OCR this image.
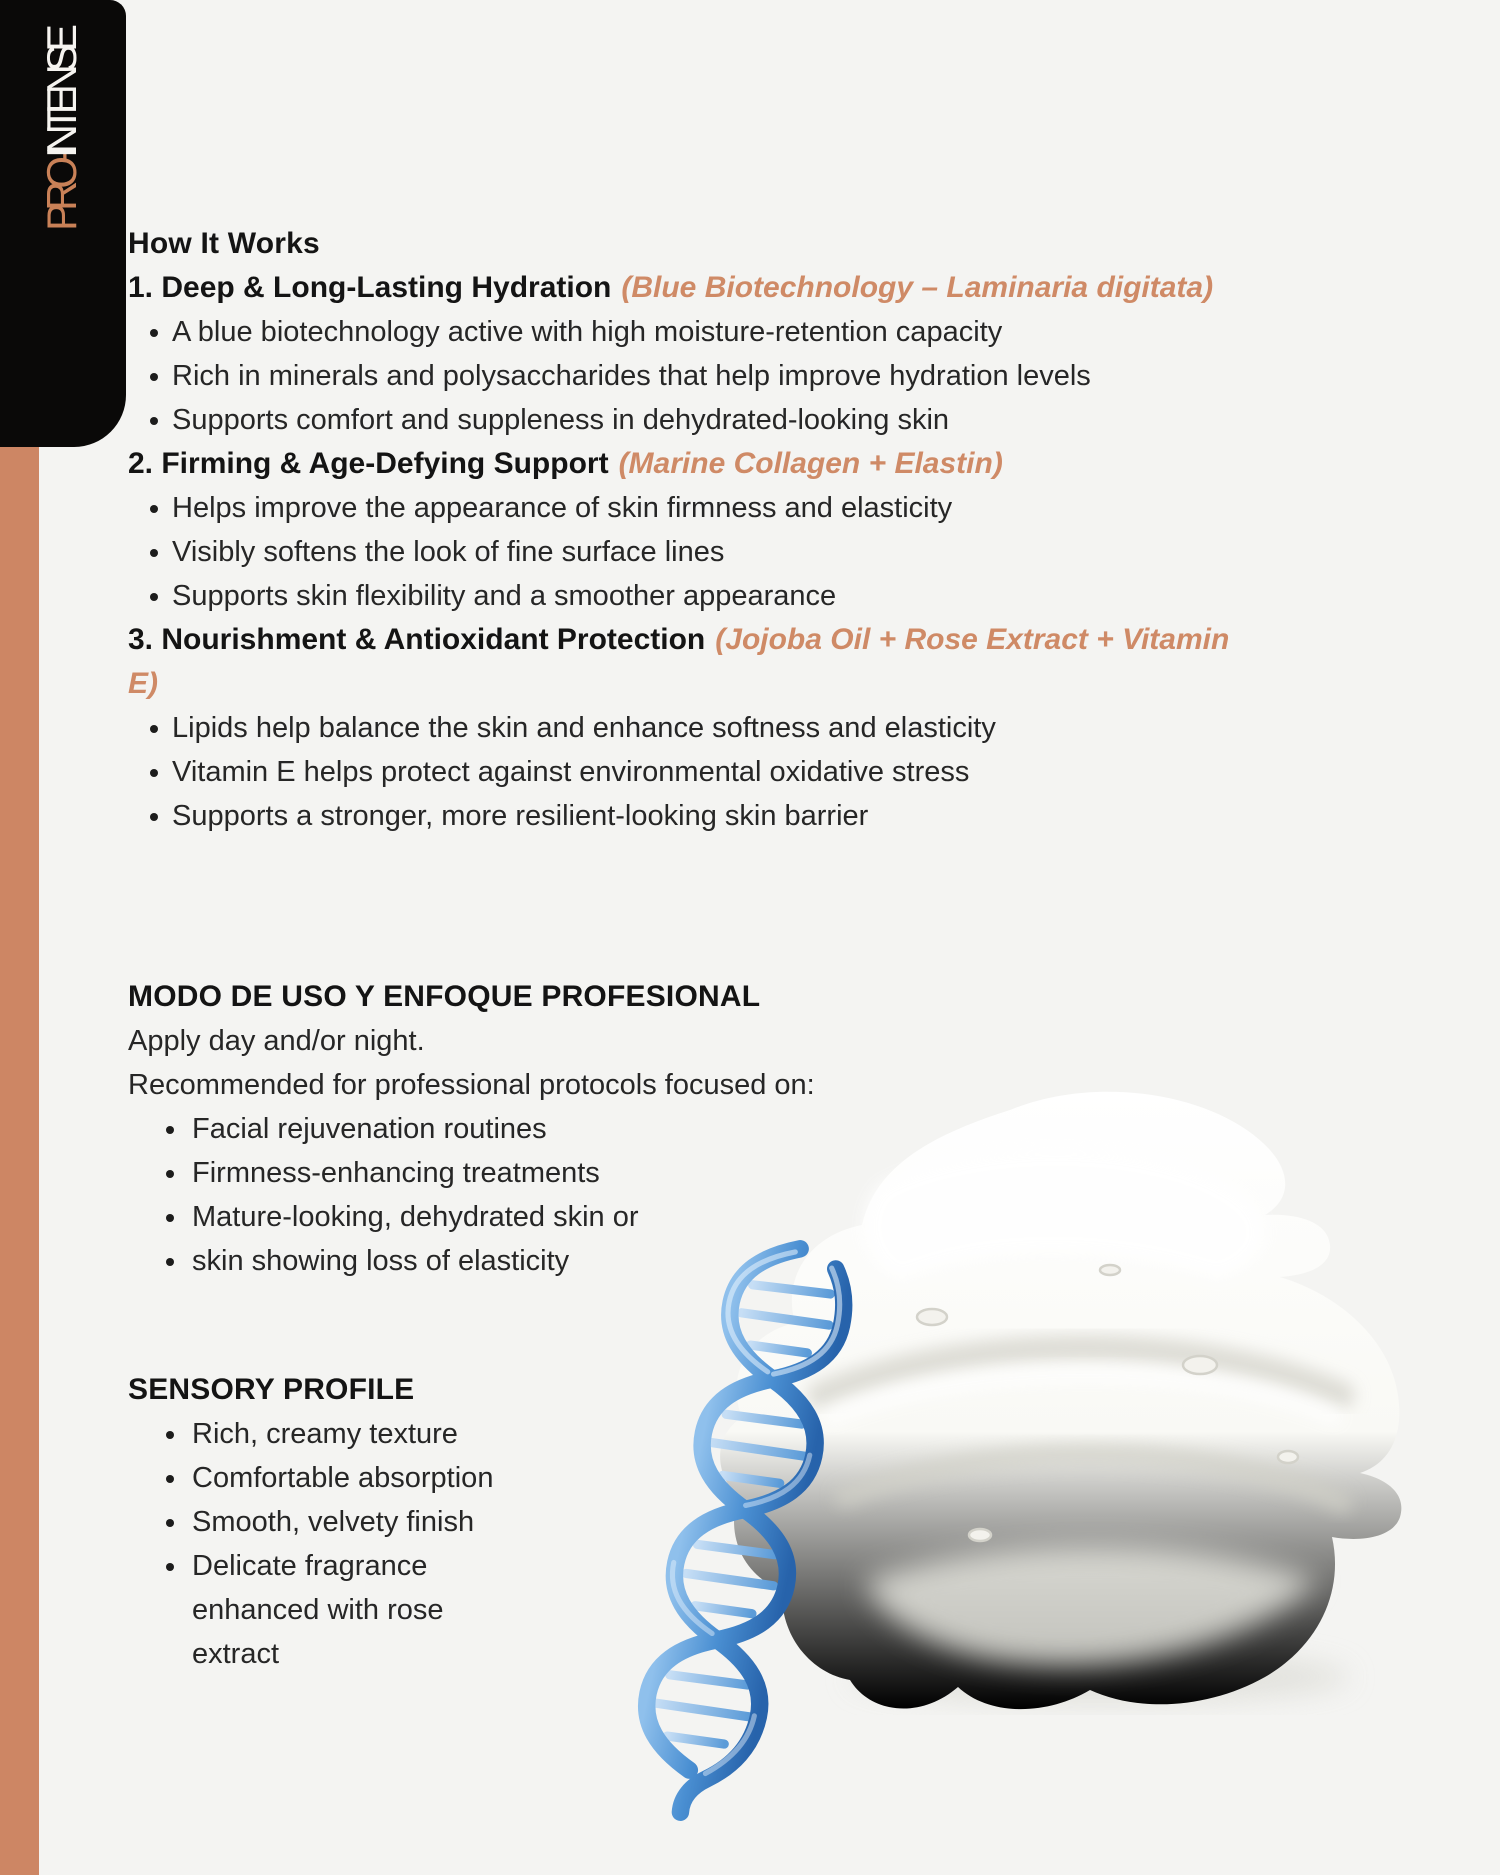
PRO-INTENSE
How It Works

1. Deep & Long-Lasting Hydration (Blue Biotechnology – Laminaria digitata)

A blue biotechnology active with high moisture-retention capacity
Rich in minerals and polysaccharides that help improve hydration levels
Supports comfort and suppleness in dehydrated-looking skin

2. Firming & Age-Defying Support (Marine Collagen + Elastin)

Helps improve the appearance of skin firmness and elasticity
Visibly softens the look of fine surface lines
Supports skin flexibility and a smoother appearance

3. Nourishment & Antioxidant Protection (Jojoba Oil + Rose Extract + Vitamin E)

Lipids help balance the skin and enhance softness and elasticity
Vitamin E helps protect against environmental oxidative stress
Supports a stronger, more resilient-looking skin barrier
MODO DE USO Y ENFOQUE PROFESIONAL

Apply day and/or night.

Recommended for professional protocols focused on:

Facial rejuvenation routines
Firmness-enhancing treatments
Mature-looking, dehydrated skin or
skin showing loss of elasticity
SENSORY PROFILE
Rich, creamy texture
Comfortable absorption
Smooth, velvety finish
Delicate fragrance enhanced with rose extract
